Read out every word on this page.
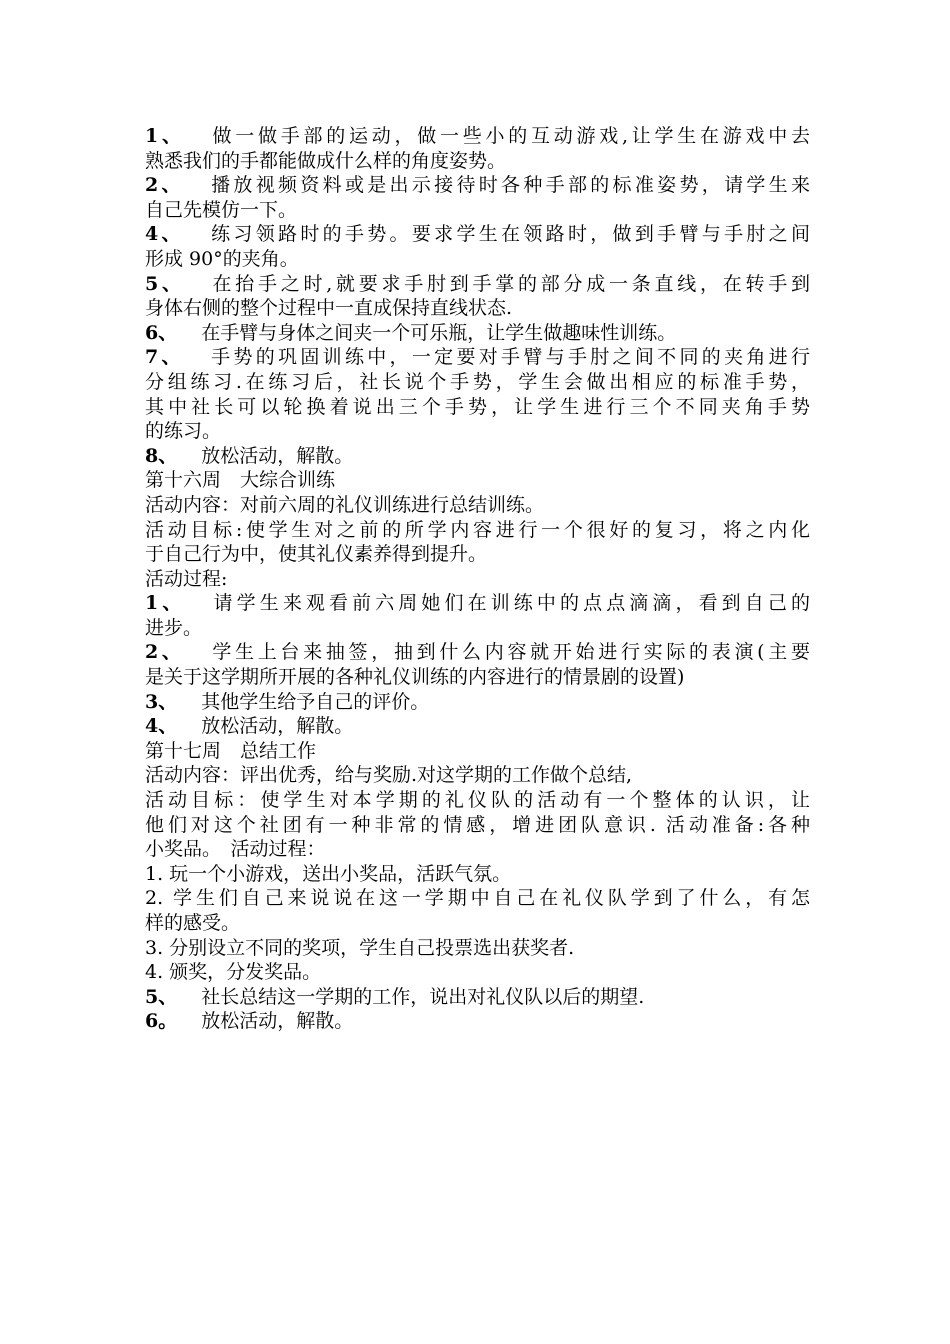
1、 做一做手部的运动，做一些小的互动游戏,让学生在游戏中去
熟悉我们的手都能做成什么样的角度姿势。
2、 播放视频资料或是出示接待时各种手部的标准姿势，请学生来
自己先模仿一下。
4、 练习领路时的手势。要求学生在领路时，做到手臂与手肘之间
形成 90°的夹角。
5、 在抬手之时,就要求手肘到手掌的部分成一条直线，在转手到
身体右侧的整个过程中一直成保持直线状态.
6、 在手臂与身体之间夹一个可乐瓶，让学生做趣味性训练。
7、 手势的巩固训练中，一定要对手臂与手肘之间不同的夹角进行
分组练习.在练习后，社长说个手势，学生会做出相应的标准手势，
其中社长可以轮换着说出三个手势，让学生进行三个不同夹角手势
的练习。
8、 放松活动，解散。
第十六周　大综合训练
活动内容：对前六周的礼仪训练进行总结训练。
活动目标:使学生对之前的所学内容进行一个很好的复习，将之内化
于自己行为中，使其礼仪素养得到提升。
活动过程:
1、 请学生来观看前六周她们在训练中的点点滴滴，看到自己的
进步。
2、 学生上台来抽签，抽到什么内容就开始进行实际的表演(主要
是关于这学期所开展的各种礼仪训练的内容进行的情景剧的设置)
3、 其他学生给予自己的评价。
4、 放松活动，解散。
第十七周　总结工作
活动内容：评出优秀，给与奖励.对这学期的工作做个总结,
活动目标：使学生对本学期的礼仪队的活动有一个整体的认识，让
他们对这个社团有一种非常的情感，增进团队意识. 活动准备:各种
小奖品。　活动过程：
1. 玩一个小游戏，送出小奖品，活跃气氛。
2. 学生们自己来说说在这一学期中自己在礼仪队学到了什么，有怎
样的感受。
3. 分别设立不同的奖项，学生自己投票选出获奖者.
4. 颁奖，分发奖品。
5、 社长总结这一学期的工作，说出对礼仪队以后的期望.
6。 放松活动，解散。
